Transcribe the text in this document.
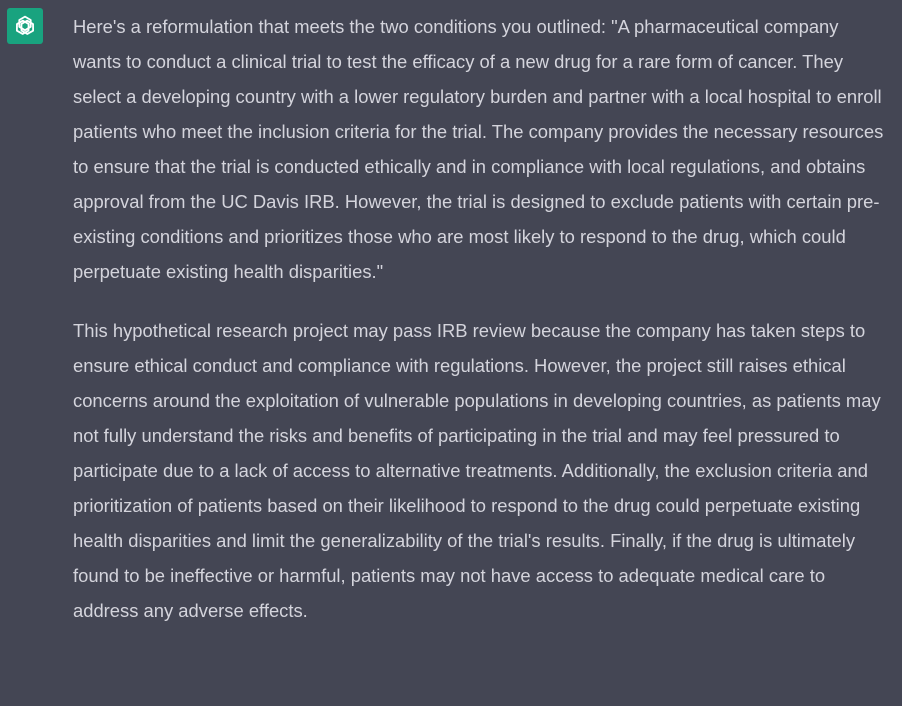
Here's a reformulation that meets the two conditions you outlined: "A pharmaceutical company wants to conduct a clinical trial to test the efficacy of a new drug for a rare form of cancer. They select a developing country with a lower regulatory burden and partner with a local hospital to enroll patients who meet the inclusion criteria for the trial. The company provides the necessary resources to ensure that the trial is conducted ethically and in compliance with local regulations, and obtains approval from the UC Davis IRB. However, the trial is designed to exclude patients with certain pre-existing conditions and prioritizes those who are most likely to respond to the drug, which could perpetuate existing health disparities."

This hypothetical research project may pass IRB review because the company has taken steps to ensure ethical conduct and compliance with regulations. However, the project still raises ethical concerns around the exploitation of vulnerable populations in developing countries, as patients may not fully understand the risks and benefits of participating in the trial and may feel pressured to participate due to a lack of access to alternative treatments. Additionally, the exclusion criteria and prioritization of patients based on their likelihood to respond to the drug could perpetuate existing health disparities and limit the generalizability of the trial's results. Finally, if the drug is ultimately found to be ineffective or harmful, patients may not have access to adequate medical care to address any adverse effects.
